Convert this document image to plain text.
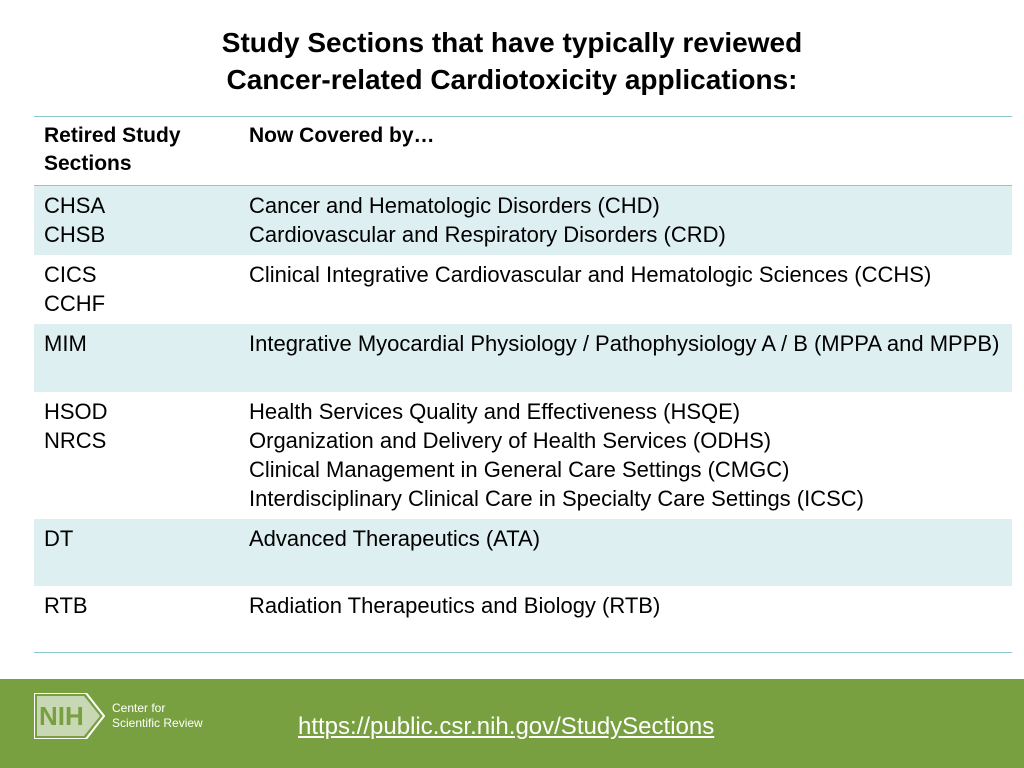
Study Sections that have typically reviewed
Cancer-related Cardiotoxicity applications:
Retired Study Sections	Now Covered by…

CHSA
CHSB	Cancer and Hematologic Disorders (CHD)
Cardiovascular and Respiratory Disorders (CRD)

CICS
CCHF	Clinical Integrative Cardiovascular and Hematologic Sciences (CCHS)

MIM	Integrative Myocardial Physiology / Pathophysiology A / B (MPPA and MPPB)

HSOD
NRCS	Health Services Quality and Effectiveness (HSQE)
Organization and Delivery of Health Services (ODHS)
Clinical Management in General Care Settings (CMGC)
Interdisciplinary Clinical Care in Specialty Care Settings (ICSC)

DT	Advanced Therapeutics (ATA)

RTB	Radiation Therapeutics and Biology (RTB)
NIH Center for
Scientific Review	https://public.csr.nih.gov/StudySections
